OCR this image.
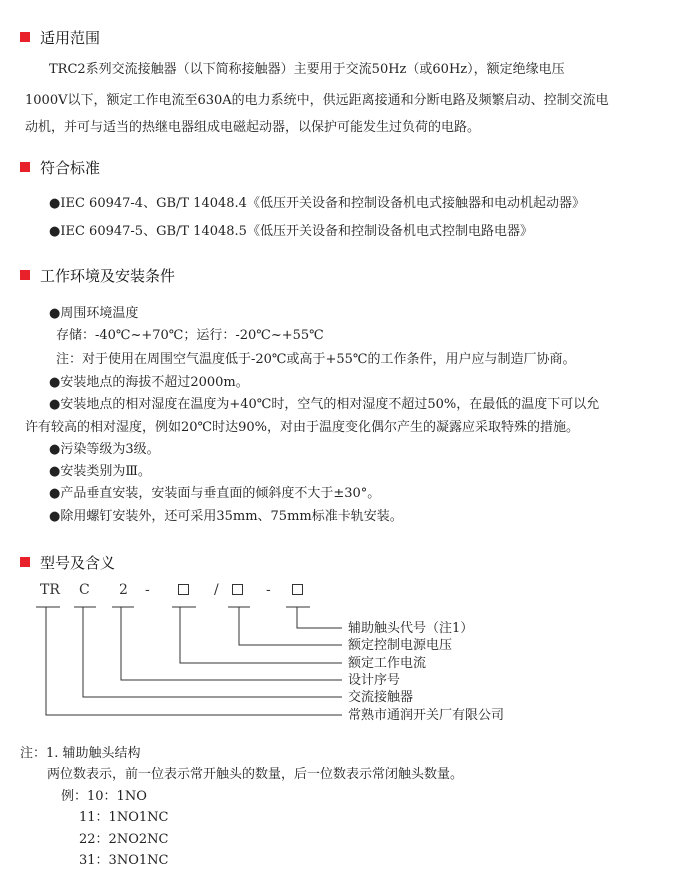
适用范围
TRC2系列交流接触器（以下简称接触器）主要用于交流50Hz（或60Hz），额定绝缘电压
1000V以下，额定工作电流至630A的电力系统中，供远距离接通和分断电路及频繁启动、控制交流电
动机，并可与适当的热继电器组成电磁起动器，以保护可能发生过负荷的电路。
符合标准
●IEC 60947-4、GB/T 14048.4《低压开关设备和控制设备机电式接触器和电动机起动器》
●IEC 60947-5、GB/T 14048.5《低压开关设备和控制设备机电式控制电路电器》
工作环境及安装条件
●周围环境温度
存储：-40℃~+70℃；运行：-20℃~+55℃
注：对于使用在周围空气温度低于-20℃或高于+55℃的工作条件，用户应与制造厂协商。
●安装地点的海拔不超过2000m。
●安装地点的相对湿度在温度为+40℃时，空气的相对湿度不超过50%，在最低的温度下可以允
许有较高的相对湿度，例如20℃时达90%，对由于温度变化偶尔产生的凝露应采取特殊的措施。
●污染等级为3级。
●安装类别为Ⅲ。
●产品垂直安装，安装面与垂直面的倾斜度不大于±30°。
●除用螺钉安装外，还可采用35mm、75mm标准卡轨安装。
型号及含义
TR C 2 -	/	-
辅助触头代号（注1）
额定控制电源电压
额定工作电流
设计序号
交流接触器
常熟市通润开关厂有限公司
注：1. 辅助触头结构
两位数表示，前一位表示常开触头的数量，后一位数表示常闭触头数量。
例：10：1NO
11：1NO1NC
22：2NO2NC
31：3NO1NC
